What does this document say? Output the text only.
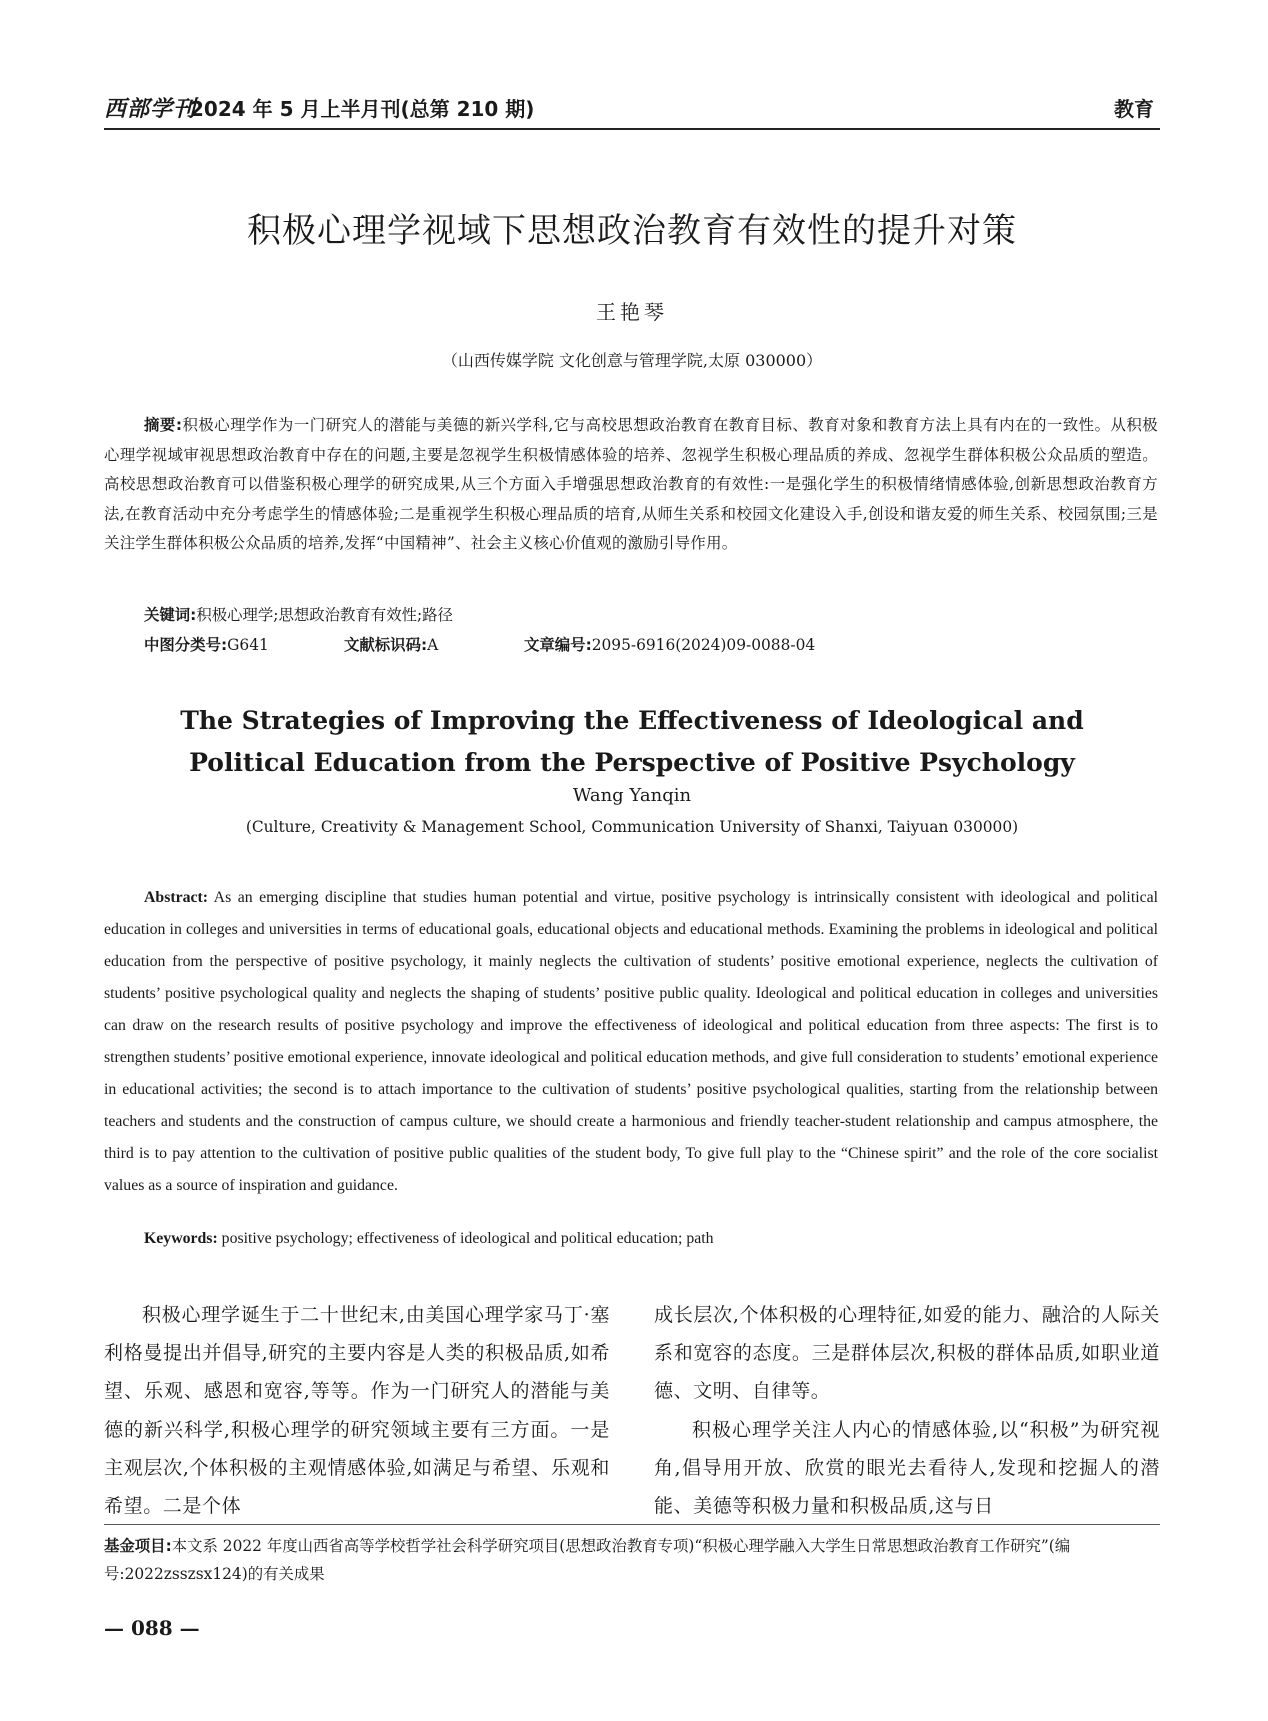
西部学刊
2024 年 5 月上半月刊(总第 210 期)	教育
积极心理学视域下思想政治教育有效性的提升对策
王艳琴
（山西传媒学院 文化创意与管理学院,太原 030000）
摘要:积极心理学作为一门研究人的潜能与美德的新兴学科,它与高校思想政治教育在教育目标、教育对象和教育方法上具有内在的一致性。从积极心理学视域审视思想政治教育中存在的问题,主要是忽视学生积极情感体验的培养、忽视学生积极心理品质的养成、忽视学生群体积极公众品质的塑造。高校思想政治教育可以借鉴积极心理学的研究成果,从三个方面入手增强思想政治教育的有效性:一是强化学生的积极情绪情感体验,创新思想政治教育方法,在教育活动中充分考虑学生的情感体验;二是重视学生积极心理品质的培育,从师生关系和校园文化建设入手,创设和谐友爱的师生关系、校园氛围;三是关注学生群体积极公众品质的培养,发挥“中国精神”、社会主义核心价值观的激励引导作用。
关键词:积极心理学;思想政治教育有效性;路径
中图分类号:G641	文献标识码:A	文章编号:2095-6916(2024)09-0088-04
The Strategies of Improving the Effectiveness of Ideological and
Political Education from the Perspective of Positive Psychology
Wang Yanqin
(Culture, Creativity & Management School, Communication University of Shanxi, Taiyuan 030000)
Abstract: As an emerging discipline that studies human potential and virtue, positive psychology is intrinsically consistent with ideological and political education in colleges and universities in terms of educational goals, educational objects and educational methods. Examining the problems in ideological and political education from the perspective of positive psychology, it mainly neglects the cultivation of students’ positive emotional experience, neglects the cultivation of students’ positive psychological quality and neglects the shaping of students’ positive public quality. Ideological and political education in colleges and universities can draw on the research results of positive psychology and improve the effectiveness of ideological and political education from three aspects: The first is to strengthen students’ positive emotional experience, innovate ideological and political education methods, and give full consideration to students’ emotional experience in educational activities; the second is to attach importance to the cultivation of students’ positive psychological qualities, starting from the relationship between teachers and students and the construction of campus culture, we should create a harmonious and friendly teacher-student relationship and campus atmosphere, the third is to pay attention to the cultivation of positive public qualities of the student body, To give full play to the “Chinese spirit” and the role of the core socialist values as a source of inspiration and guidance.
Keywords: positive psychology; effectiveness of ideological and political education; path

积极心理学诞生于二十世纪末,由美国心理学家马丁·塞利格曼提出并倡导,研究的主要内容是人类的积极品质,如希望、乐观、感恩和宽容,等等。作为一门研究人的潜能与美德的新兴科学,积极心理学的研究领域主要有三方面。一是主观层次,个体积极的主观情感体验,如满足与希望、乐观和希望。二是个体

成长层次,个体积极的心理特征,如爱的能力、融洽的人际关系和宽容的态度。三是群体层次,积极的群体品质,如职业道德、文明、自律等。

积极心理学关注人内心的情感体验,以“积极”为研究视角,倡导用开放、欣赏的眼光去看待人,发现和挖掘人的潜能、美德等积极力量和积极品质,这与日

基金项目:本文系 2022 年度山西省高等学校哲学社会科学研究项目(思想政治教育专项)“积极心理学融入大学生日常思想政治教育工作研究”(编号:2022zsszsx124)的有关成果
— 088 —
